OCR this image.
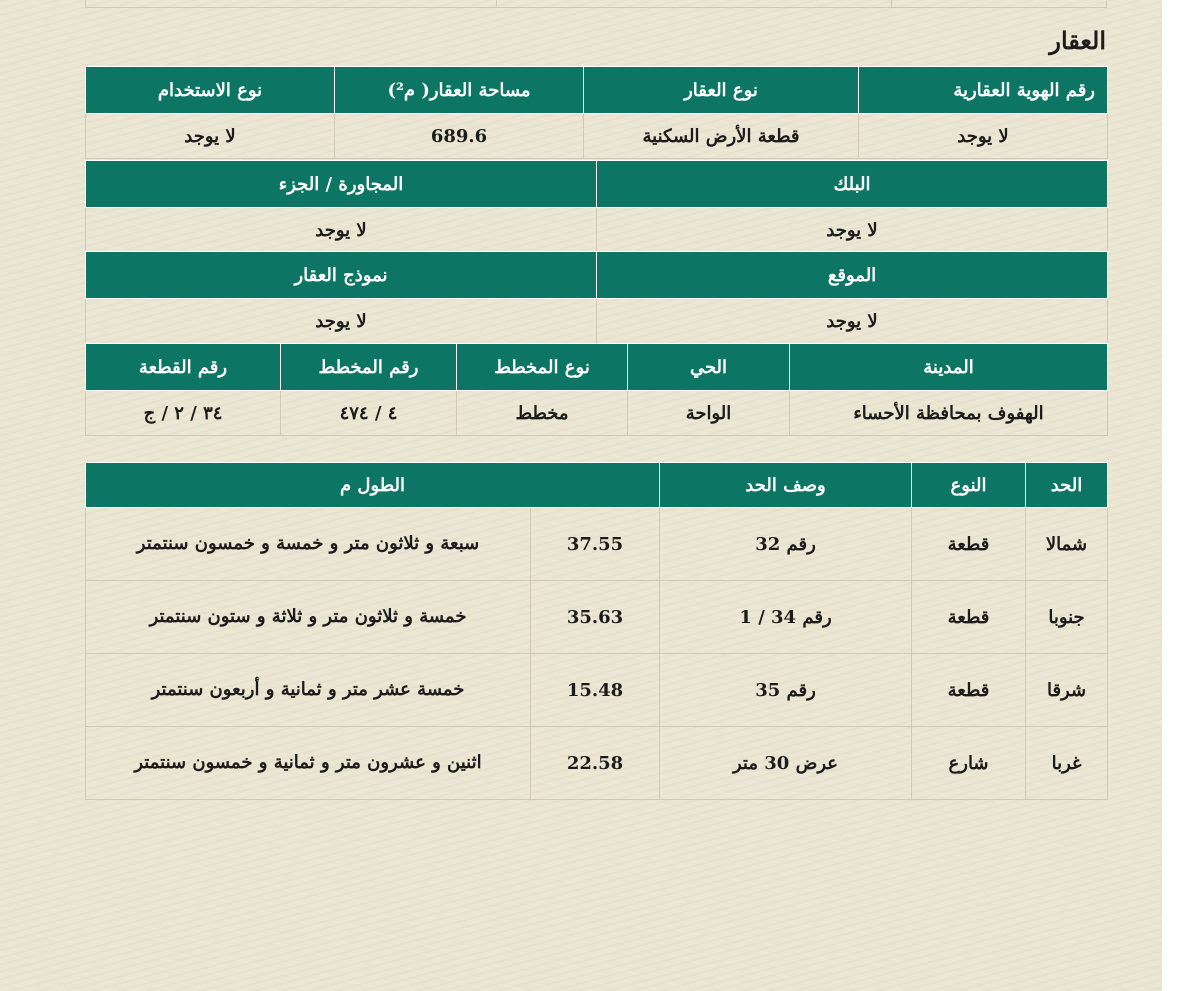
العقار
رقم الهوية العقارية	نوع العقار	مساحة العقار( م²)	نوع الاستخدام
لا يوجد	قطعة الأرض السكنية	689.6	لا يوجد
البلك	المجاورة / الجزء
لا يوجد	لا يوجد
الموقع	نموذج العقار
لا يوجد	لا يوجد
المدينة	الحي	نوع المخطط	رقم المخطط	رقم القطعة
الهفوف بمحافظة الأحساء	الواحة	مخطط	٤ / ٤٧٤	٣٤ / ٢ / ج
الحد	النوع	وصف الحد	الطول م	
شمالا	قطعة	رقم 32	37.55	سبعة و ثلاثون متر و خمسة و خمسون سنتمتر
جنوبا	قطعة	رقم 34 / 1	35.63	خمسة و ثلاثون متر و ثلاثة و ستون سنتمتر
شرقا	قطعة	رقم 35	15.48	خمسة عشر متر و ثمانية و أربعون سنتمتر
غربا	شارع	عرض 30 متر	22.58	اثنين و عشرون متر و ثمانية و خمسون سنتمتر
